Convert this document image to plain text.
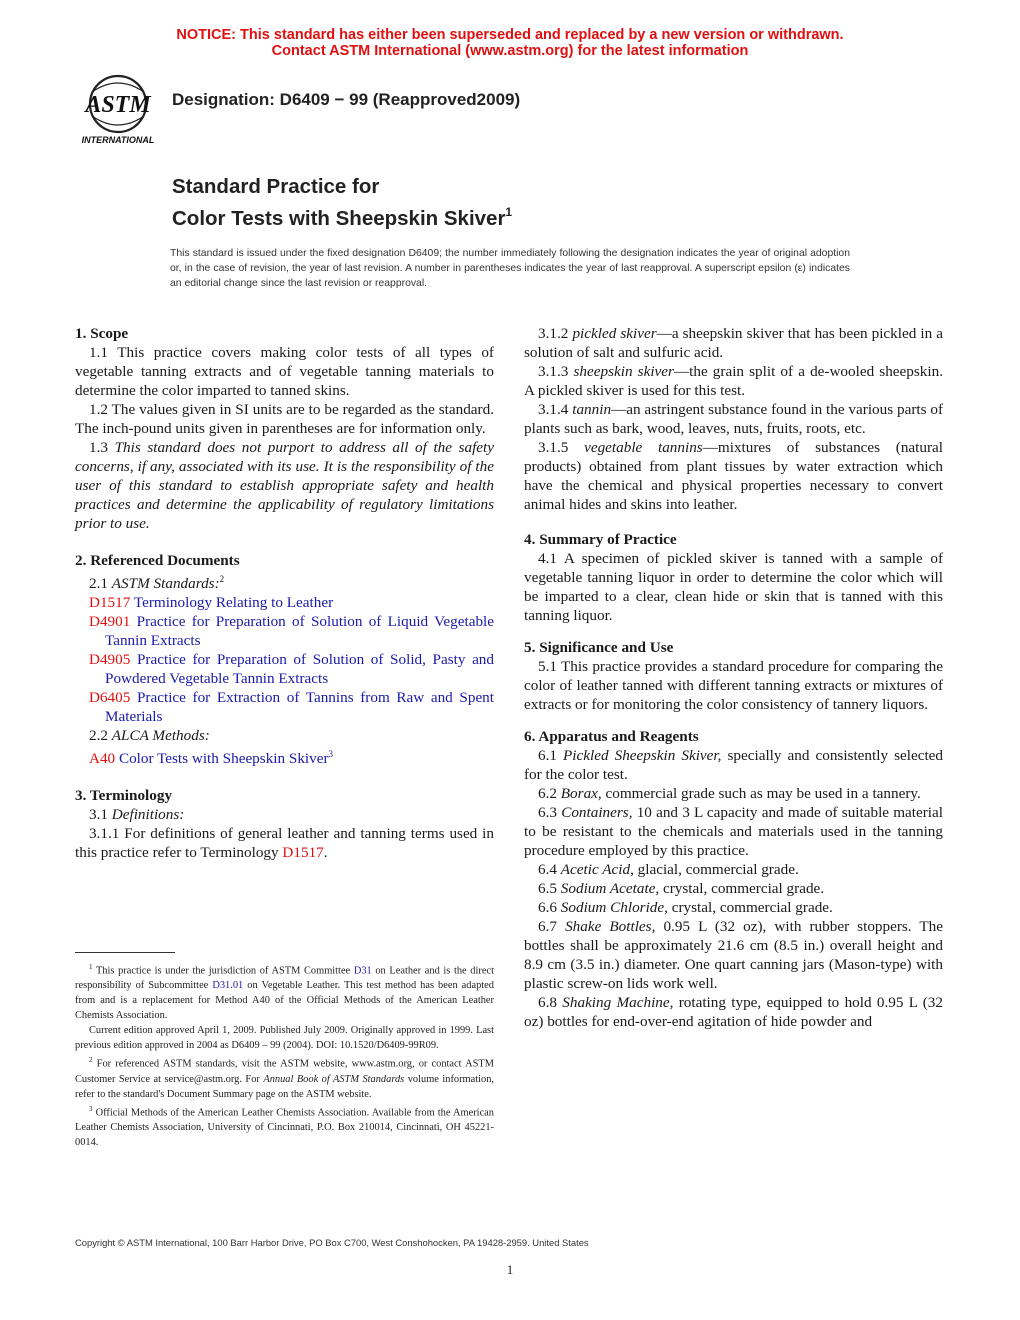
NOTICE: This standard has either been superseded and replaced by a new version or withdrawn.
Contact ASTM International (www.astm.org) for the latest information
ASTM
INTERNATIONAL
Designation: D6409 − 99 (Reapproved2009)
Standard Practice for
Color Tests with Sheepskin Skiver$^1$
This standard is issued under the fixed designation D6409; the number immediately following the designation indicates the year of original adoption or, in the case of revision, the year of last revision. A number in parentheses indicates the year of last reapproval. A superscript epsilon (ε) indicates an editorial change since the last revision or reapproval.

1. Scope

1.1 This practice covers making color tests of all types of vegetable tanning extracts and of vegetable tanning materials to determine the color imparted to tanned skins.

1.2 The values given in SI units are to be regarded as the standard. The inch-pound units given in parentheses are for information only.

1.3 This standard does not purport to address all of the safety concerns, if any, associated with its use. It is the responsibility of the user of this standard to establish appropriate safety and health practices and determine the applicability of regulatory limitations prior to use.

2. Referenced Documents

2.1 ASTM Standards:$^2$

D1517 Terminology Relating to Leather

D4901 Practice for Preparation of Solution of Liquid Vegetable Tannin Extracts

D4905 Practice for Preparation of Solution of Solid, Pasty and Powdered Vegetable Tannin Extracts

D6405 Practice for Extraction of Tannins from Raw and Spent Materials

2.2 ALCA Methods:

A40 Color Tests with Sheepskin Skiver$^3$

3. Terminology

3.1 Definitions:

3.1.1 For definitions of general leather and tanning terms used in this practice refer to Terminology D1517.

$^1$ This practice is under the jurisdiction of ASTM Committee D31 on Leather and is the direct responsibility of Subcommittee D31.01 on Vegetable Leather. This test method has been adapted from and is a replacement for Method A40 of the Official Methods of the American Leather Chemists Association.

Current edition approved April 1, 2009. Published July 2009. Originally approved in 1999. Last previous edition approved in 2004 as D6409 – 99 (2004). DOI: 10.1520/D6409-99R09.

$^2$ For referenced ASTM standards, visit the ASTM website, www.astm.org, or contact ASTM Customer Service at service@astm.org. For Annual Book of ASTM Standards volume information, refer to the standard's Document Summary page on the ASTM website.

$^3$ Official Methods of the American Leather Chemists Association. Available from the American Leather Chemists Association, University of Cincinnati, P.O. Box 210014, Cincinnati, OH 45221-0014.

3.1.2 pickled skiver—a sheepskin skiver that has been pickled in a solution of salt and sulfuric acid.

3.1.3 sheepskin skiver—the grain split of a de-wooled sheepskin. A pickled skiver is used for this test.

3.1.4 tannin—an astringent substance found in the various parts of plants such as bark, wood, leaves, nuts, fruits, roots, etc.

3.1.5 vegetable tannins—mixtures of substances (natural products) obtained from plant tissues by water extraction which have the chemical and physical properties necessary to convert animal hides and skins into leather.

4. Summary of Practice

4.1 A specimen of pickled skiver is tanned with a sample of vegetable tanning liquor in order to determine the color which will be imparted to a clear, clean hide or skin that is tanned with this tanning liquor.

5. Significance and Use

5.1 This practice provides a standard procedure for comparing the color of leather tanned with different tanning extracts or mixtures of extracts or for monitoring the color consistency of tannery liquors.

6. Apparatus and Reagents

6.1 Pickled Sheepskin Skiver, specially and consistently selected for the color test.

6.2 Borax, commercial grade such as may be used in a tannery.

6.3 Containers, 10 and 3 L capacity and made of suitable material to be resistant to the chemicals and materials used in the tanning procedure employed by this practice.

6.4 Acetic Acid, glacial, commercial grade.

6.5 Sodium Acetate, crystal, commercial grade.

6.6 Sodium Chloride, crystal, commercial grade.

6.7 Shake Bottles, 0.95 L (32 oz), with rubber stoppers. The bottles shall be approximately 21.6 cm (8.5 in.) overall height and 8.9 cm (3.5 in.) diameter. One quart canning jars (Mason-type) with plastic screw-on lids work well.

6.8 Shaking Machine, rotating type, equipped to hold 0.95 L (32 oz) bottles for end-over-end agitation of hide powder and

Copyright © ASTM International, 100 Barr Harbor Drive, PO Box C700, West Conshohocken, PA 19428-2959. United States
1
